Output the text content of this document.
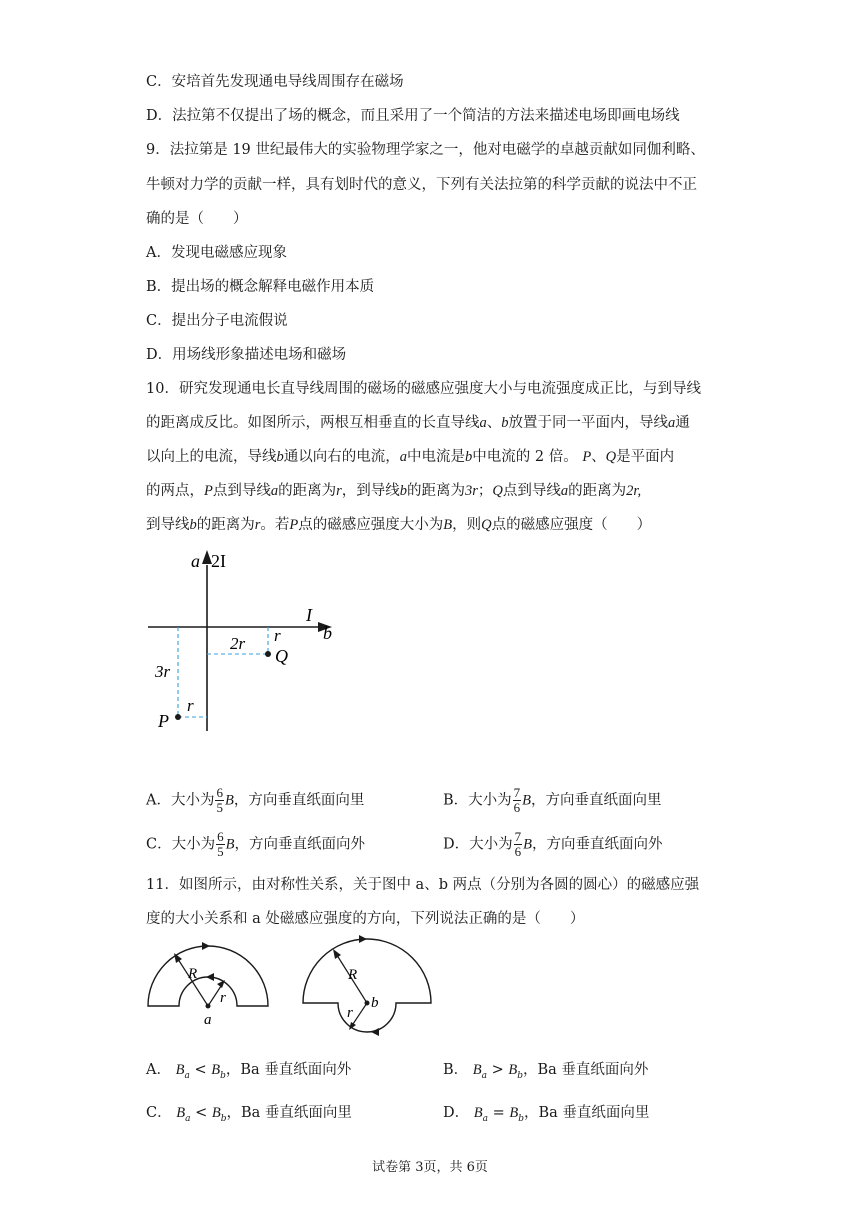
C．安培首先发现通电导线周围存在磁场
D．法拉第不仅提出了场的概念，而且采用了一个简洁的方法来描述电场即画电场线
9．法拉第是 19 世纪最伟大的实验物理学家之一，他对电磁学的卓越贡献如同伽利略、
牛顿对力学的贡献一样，具有划时代的意义，下列有关法拉第的科学贡献的说法中不正
确的是（　　）
A．发现电磁感应现象
B．提出场的概念解释电磁作用本质
C．提出分子电流假说
D．用场线形象描述电场和磁场
10．研究发现通电长直导线周围的磁场的磁感应强度大小与电流强度成正比，与到导线
的距离成反比。如图所示，两根互相垂直的长直导线a、b放置于同一平面内，导线a通
以向上的电流，导线b通以向右的电流，a中电流是b中电流的 2 倍。 P、Q是平面内
的两点，P点到导线a的距离为r，到导线b的距离为3r；Q点到导线a的距离为2r,
到导线b的距离为r。若P点的磁感应强度大小为B，则Q点的磁感应强度（　　）
a 2I
I
b
2r r
Q
3r
r
P
A．大小为 $\frac{6}{5}$ B，方向垂直纸面向里	B．大小为 $\frac{7}{6}$ B，方向垂直纸面向里
C．大小为 $\frac{6}{5}$ B，方向垂直纸面向外	D．大小为 $\frac{7}{6}$ B，方向垂直纸面向外
11．如图所示，由对称性关系，关于图中 a、b 两点（分别为各圆的圆心）的磁感应强
度的大小关系和 a 处磁感应强度的方向，下列说法正确的是（　　）
R
r
a
R
b
r
A． $B_a < B_b$，Ba 垂直纸面向外	B． $B_a > B_b$，Ba 垂直纸面向外
C． $B_a < B_b$，Ba 垂直纸面向里	D． $B_a = B_b$，Ba 垂直纸面向里
试卷第 3页，共 6页
